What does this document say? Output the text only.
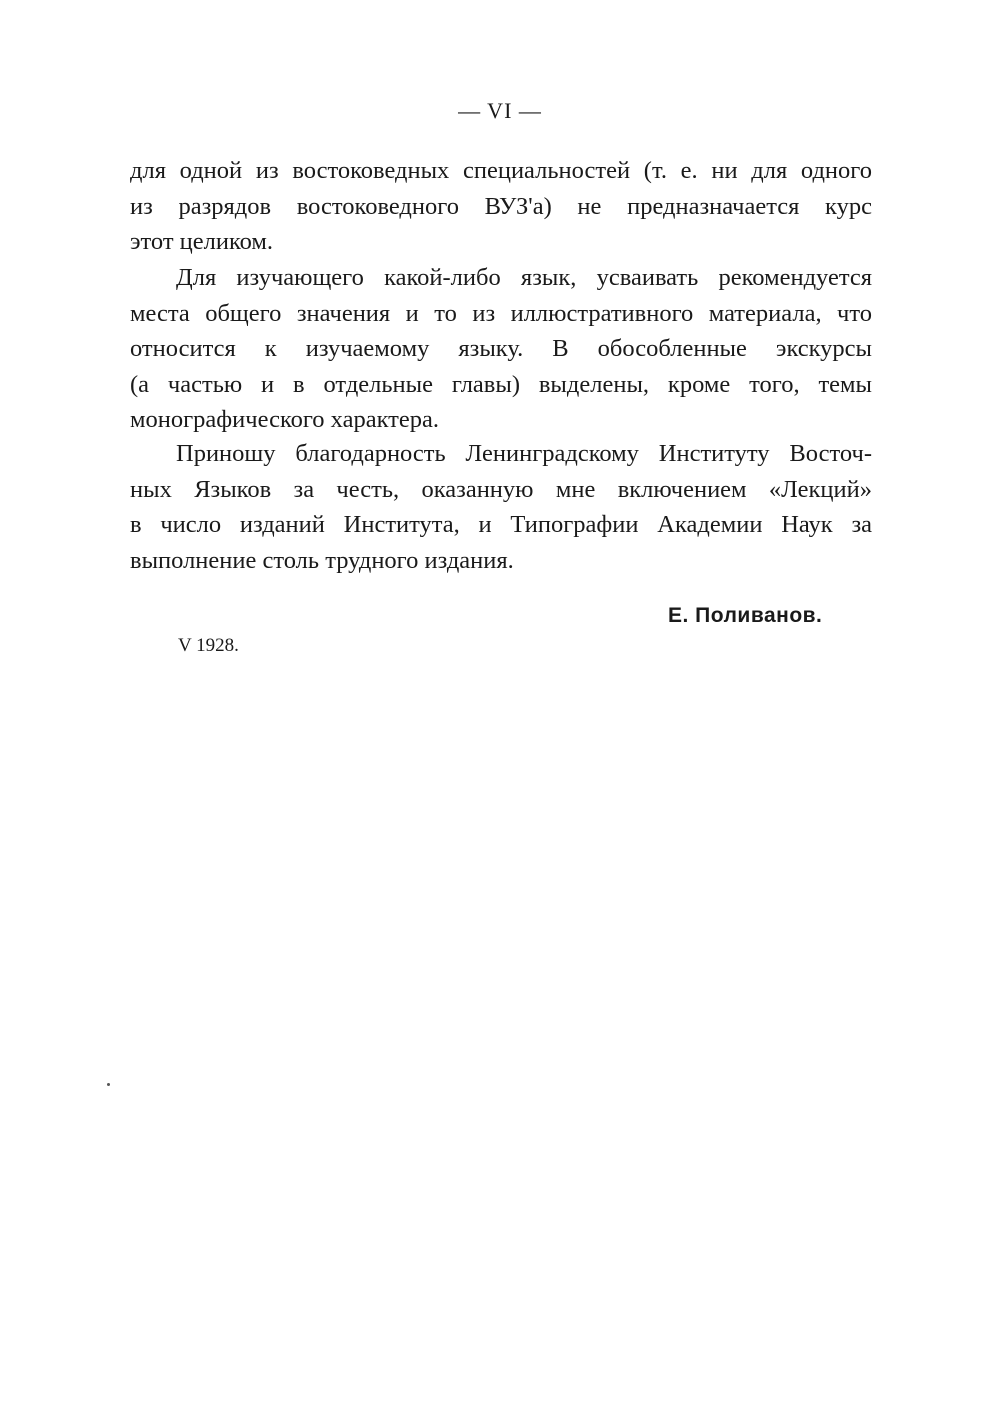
— VI —
для одной из востоковедных специальностей (т. е. ни для одного
из разрядов востоковедного ВУЗ'а) не предназначается курс
этот целиком.
Для изучающего какой-либо язык, усваивать рекомендуется
места общего значения и то из иллюстративного материала, что
относится к изучаемому языку. В обособленные экскурсы
(а частью и в отдельные главы) выделены, кроме того, темы
монографического характера.
Приношу благодарность Ленинградскому Институту Восточ-
ных Языков за честь, оказанную мне включением «Лекций»
в число изданий Института, и Типографии Академии Наук за
выполнение столь трудного издания.
Е. Поливанов.
V 1928.
